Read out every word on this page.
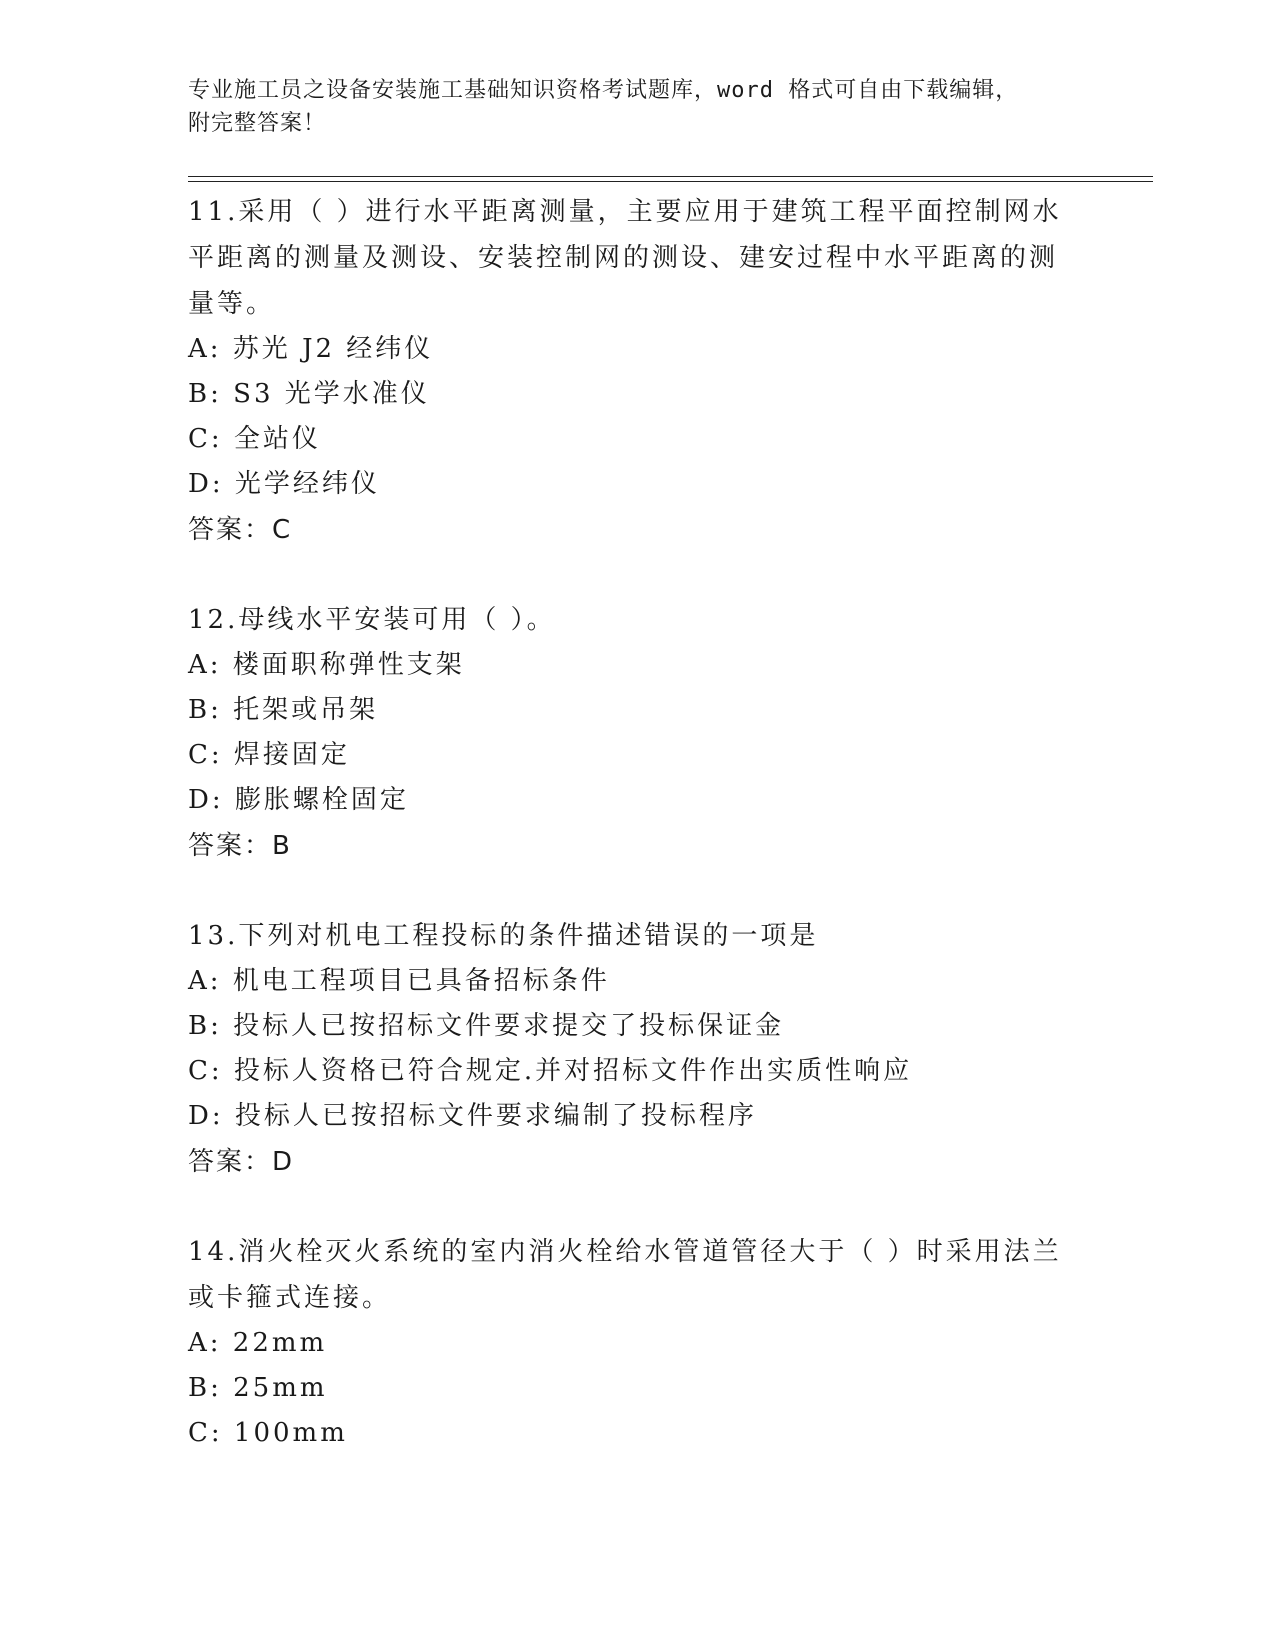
专业施工员之设备安装施工基础知识资格考试题库，word 格式可自由下载编辑，
附完整答案！

11.采用（ ）进行水平距离测量，主要应用于建筑工程平面控制网水平距离的测量及测设、安装控制网的测设、建安过程中水平距离的测量等。

A: 苏光 J2 经纬仪

B: S3 光学水准仪

C: 全站仪

D: 光学经纬仪

答案：C

12.母线水平安装可用（ ）。

A: 楼面职称弹性支架

B: 托架或吊架

C: 焊接固定

D: 膨胀螺栓固定

答案：B

13.下列对机电工程投标的条件描述错误的一项是

A: 机电工程项目已具备招标条件

B: 投标人已按招标文件要求提交了投标保证金

C: 投标人资格已符合规定.并对招标文件作出实质性响应

D: 投标人已按招标文件要求编制了投标程序

答案：D

14.消火栓灭火系统的室内消火栓给水管道管径大于（ ）时采用法兰或卡箍式连接。

A: 22mm

B: 25mm

C: 100mm
